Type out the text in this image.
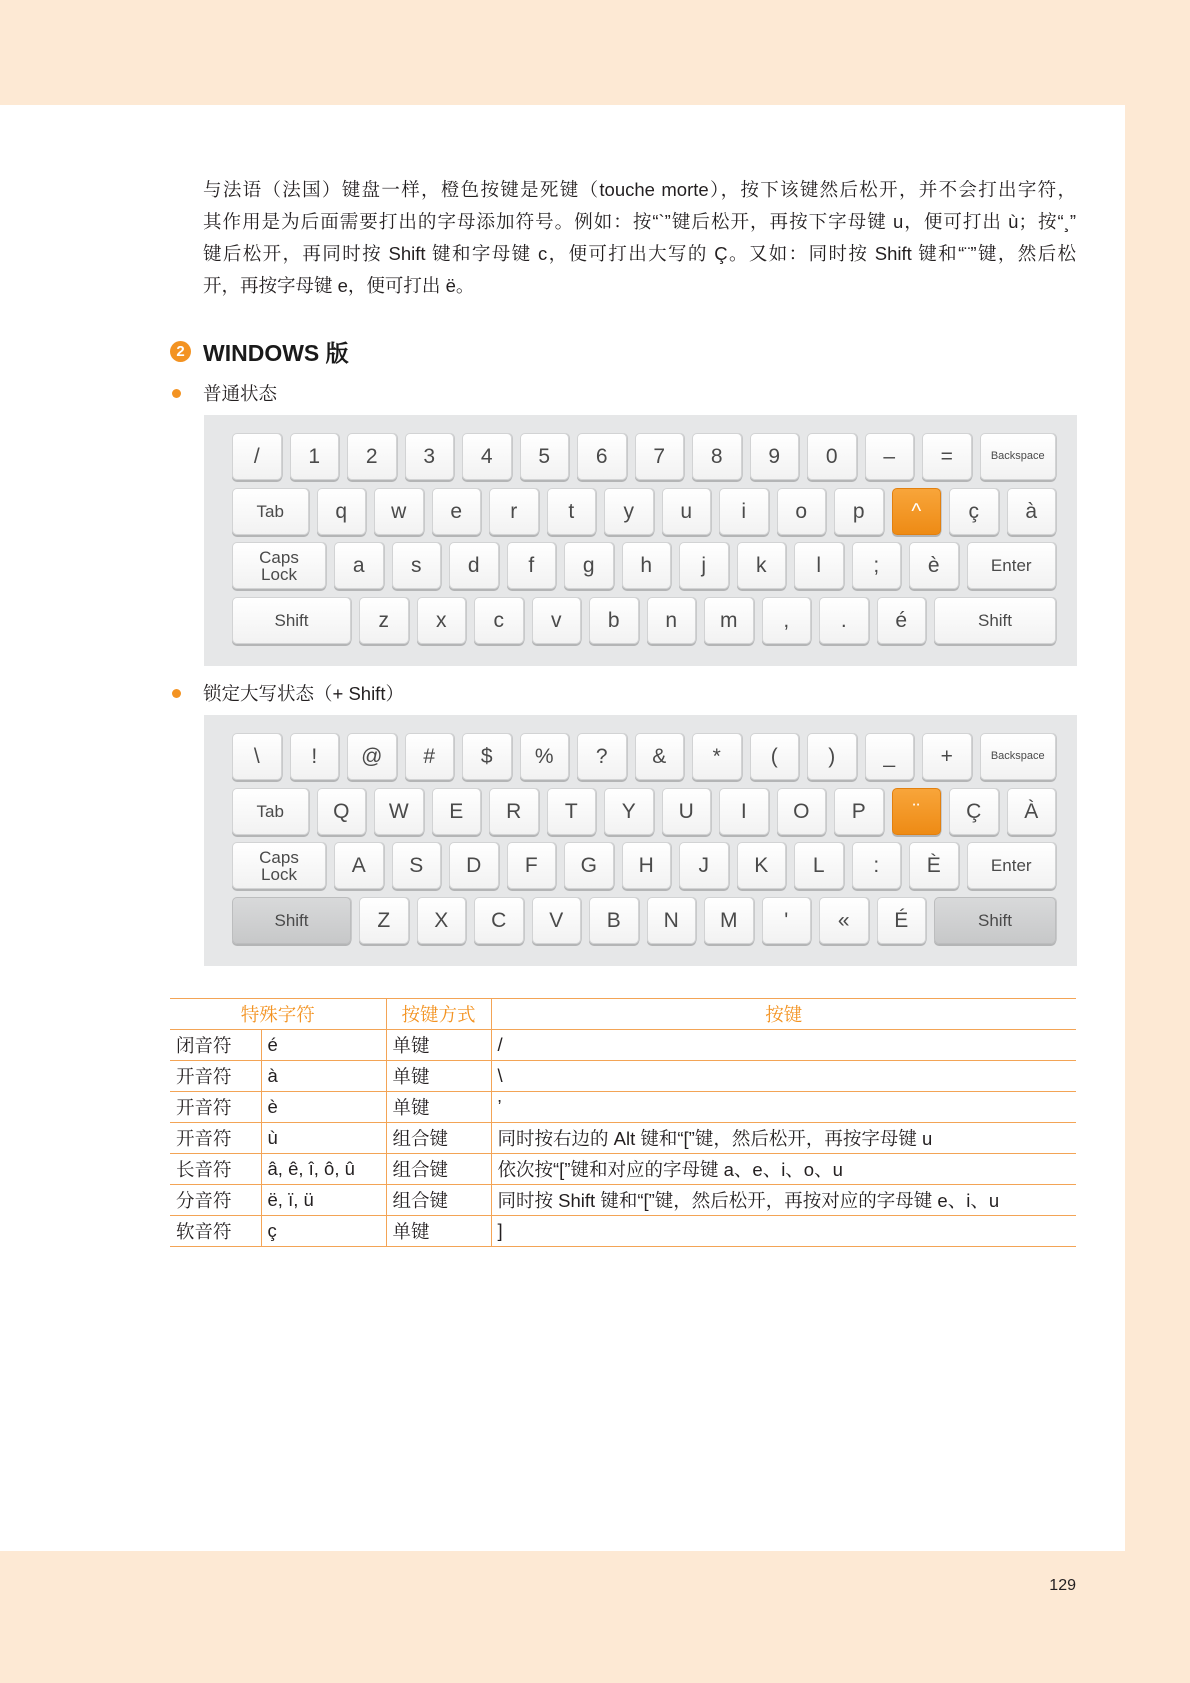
与法语（法国）键盘一样，橙色按键是死键（touche morte），按下该键然后松开，并不会打出字符，
其作用是为后面需要打出的字母添加符号。例如：按“`”键后松开，再按下字母键 u，便可打出 ù；按“¸”
键后松开，再同时按 Shift 键和字母键 c，便可打出大写的 Ç。又如：同时按 Shift 键和“¨”键，然后松
开，再按字母键 e，便可打出 ë。
2 WINDOWS 版
普通状态
/	1	2	3	4	5	6	7	8	9	0	–	=	Backspace
Tab	q	w	e	r	t	y	u	i	o	p	^	ç	à
Caps Lock	a	s	d	f	g	h	j	k	l	;	è	Enter
Shift	z	x	c	v	b	n	m	,	.	é	Shift
锁定大写状态（+ Shift）
\	!	@	#	$	%	?	&	*	(	)	_	+	Backspace
Tab	Q	W	E	R	T	Y	U	I	O	P	¨	Ç	À
Caps Lock	A	S	D	F	G	H	J	K	L	:	È	Enter
Shift	Z	X	C	V	B	N	M	'	«	É	Shift
特殊字符		按键方式	按键
闭音符	é	单键	/
开音符	à	单键	\
开音符	è	单键	’
开音符	ù	组合键	同时按右边的 Alt 键和“[”键，然后松开，再按字母键 u
长音符	â, ê, î, ô, û	组合键	依次按“[”键和对应的字母键 a、e、i、o、u
分音符	ë, ï, ü	组合键	同时按 Shift 键和“[”键，然后松开，再按对应的字母键 e、i、u
软音符	ç	单键	]
129
